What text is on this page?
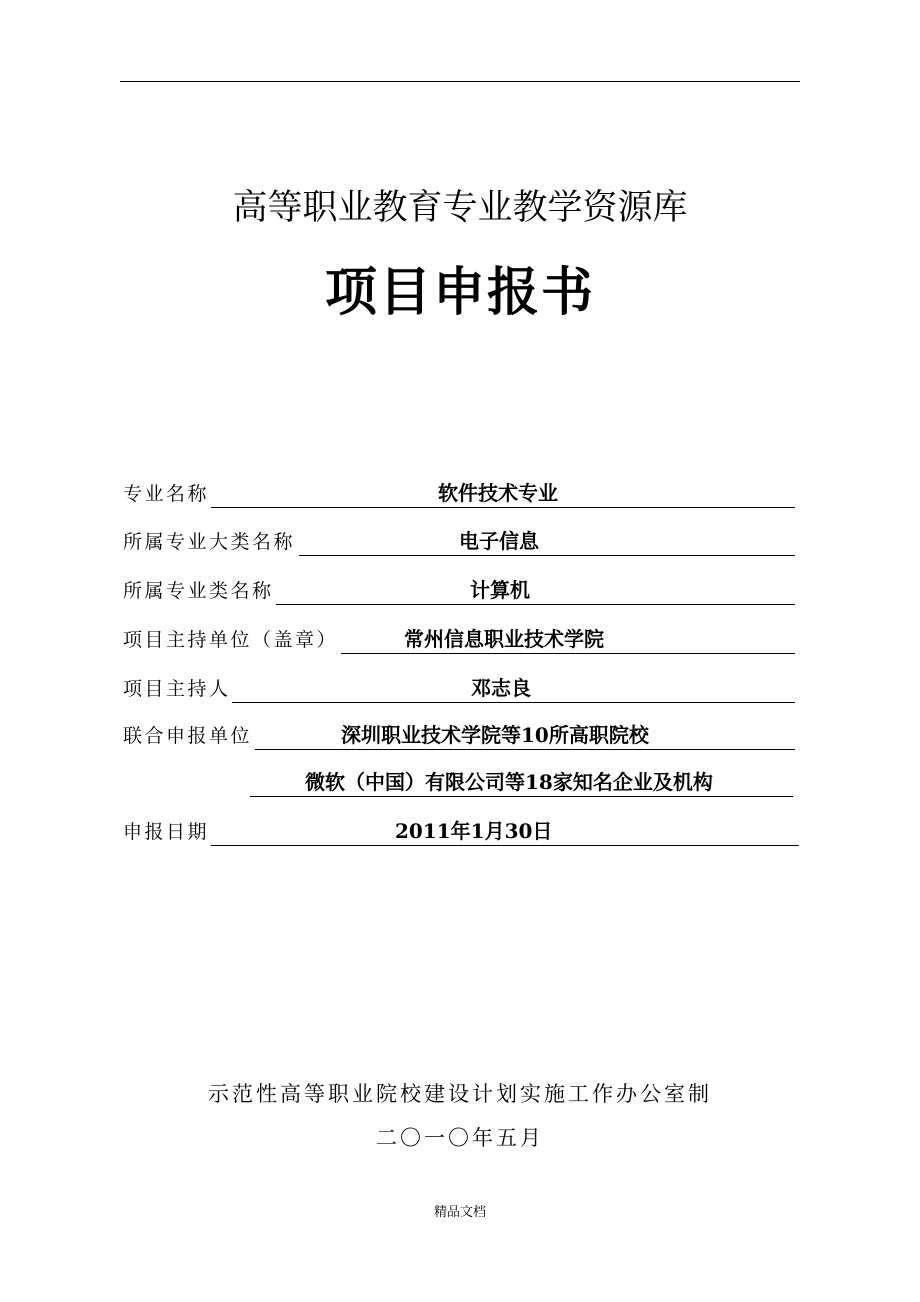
高等职业教育专业教学资源库
项目申报书
专业名称	软件技术专业
所属专业大类名称	电子信息
所属专业类名称	计算机
项目主持单位（盖章）	常州信息职业技术学院
项目主持人	邓志良
联合申报单位	深圳职业技术学院等10所高职院校
微软（中国）有限公司等18家知名企业及机构
申报日期	2011年1月30日
示范性高等职业院校建设计划实施工作办公室制
二〇一〇年五月
精品文档
